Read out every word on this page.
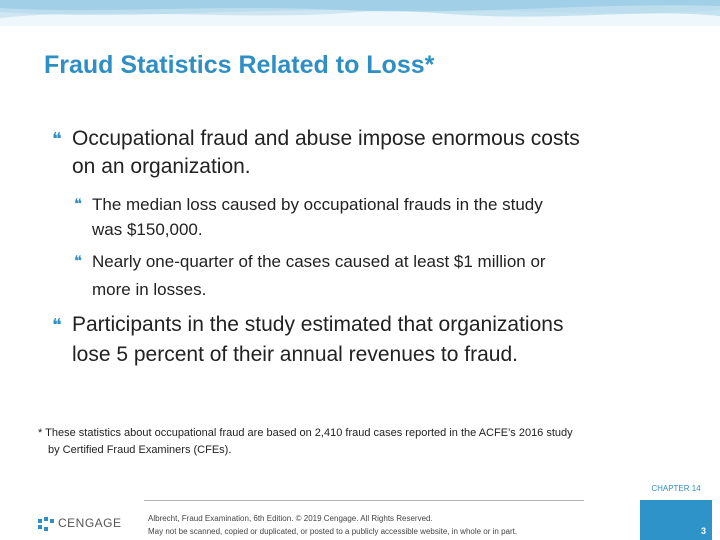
Fraud Statistics Related to Loss*
❝ Occupational fraud and abuse impose enormous costs
on an organization.
❝ The median loss caused by occupational frauds in the study
was $150,000.
❝ Nearly one-quarter of the cases caused at least $1 million or
more in losses.
❝ Participants in the study estimated that organizations
lose 5 percent of their annual revenues to fraud.
* These statistics about occupational fraud are based on 2,410 fraud cases reported in the ACFE’s 2016 study
by Certified Fraud Examiners (CFEs).
CENGAGE	Albrecht, Fraud Examination, 6th Edition. © 2019 Cengage. All Rights Reserved.
May not be scanned, copied or duplicated, or posted to a publicly accessible website, in whole or in part.
CHAPTER 14
3
